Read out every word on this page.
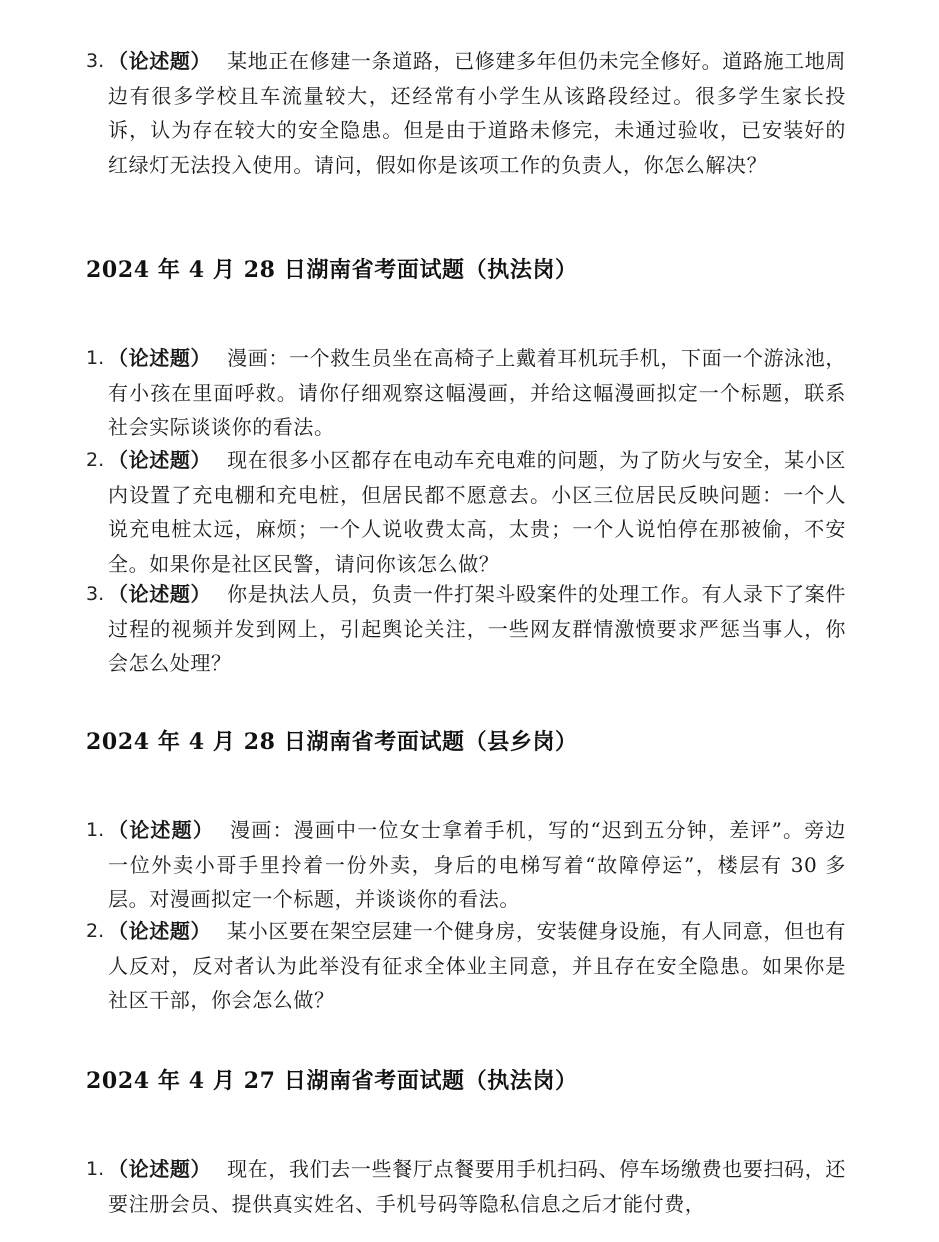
3. （论述题） 某地正在修建一条道路，已修建多年但仍未完全修好。道路施工地周边有很多学校且车流量较大，还经常有小学生从该路段经过。很多学生家长投诉，认为存在较大的安全隐患。但是由于道路未修完，未通过验收，已安装好的红绿灯无法投入使用。请问，假如你是该项工作的负责人，你怎么解决？
2024 年 4 月 28 日湖南省考面试题（执法岗）
1. （论述题） 漫画：一个救生员坐在高椅子上戴着耳机玩手机，下面一个游泳池，有小孩在里面呼救。请你仔细观察这幅漫画，并给这幅漫画拟定一个标题，联系社会实际谈谈你的看法。
2. （论述题） 现在很多小区都存在电动车充电难的问题，为了防火与安全，某小区内设置了充电棚和充电桩，但居民都不愿意去。小区三位居民反映问题：一个人说充电桩太远，麻烦；一个人说收费太高，太贵；一个人说怕停在那被偷，不安全。如果你是社区民警，请问你该怎么做？
3. （论述题） 你是执法人员，负责一件打架斗殴案件的处理工作。有人录下了案件过程的视频并发到网上，引起舆论关注，一些网友群情激愤要求严惩当事人，你会怎么处理？
2024 年 4 月 28 日湖南省考面试题（县乡岗）
1. （论述题） 漫画：漫画中一位女士拿着手机，写的“迟到五分钟，差评”。旁边一位外卖小哥手里拎着一份外卖，身后的电梯写着“故障停运”，楼层有 30 多层。对漫画拟定一个标题，并谈谈你的看法。
2. （论述题） 某小区要在架空层建一个健身房，安装健身设施，有人同意，但也有人反对，反对者认为此举没有征求全体业主同意，并且存在安全隐患。如果你是社区干部，你会怎么做？
2024 年 4 月 27 日湖南省考面试题（执法岗）
1. （论述题） 现在，我们去一些餐厅点餐要用手机扫码、停车场缴费也要扫码，还要注册会员、提供真实姓名、手机号码等隐私信息之后才能付费，
